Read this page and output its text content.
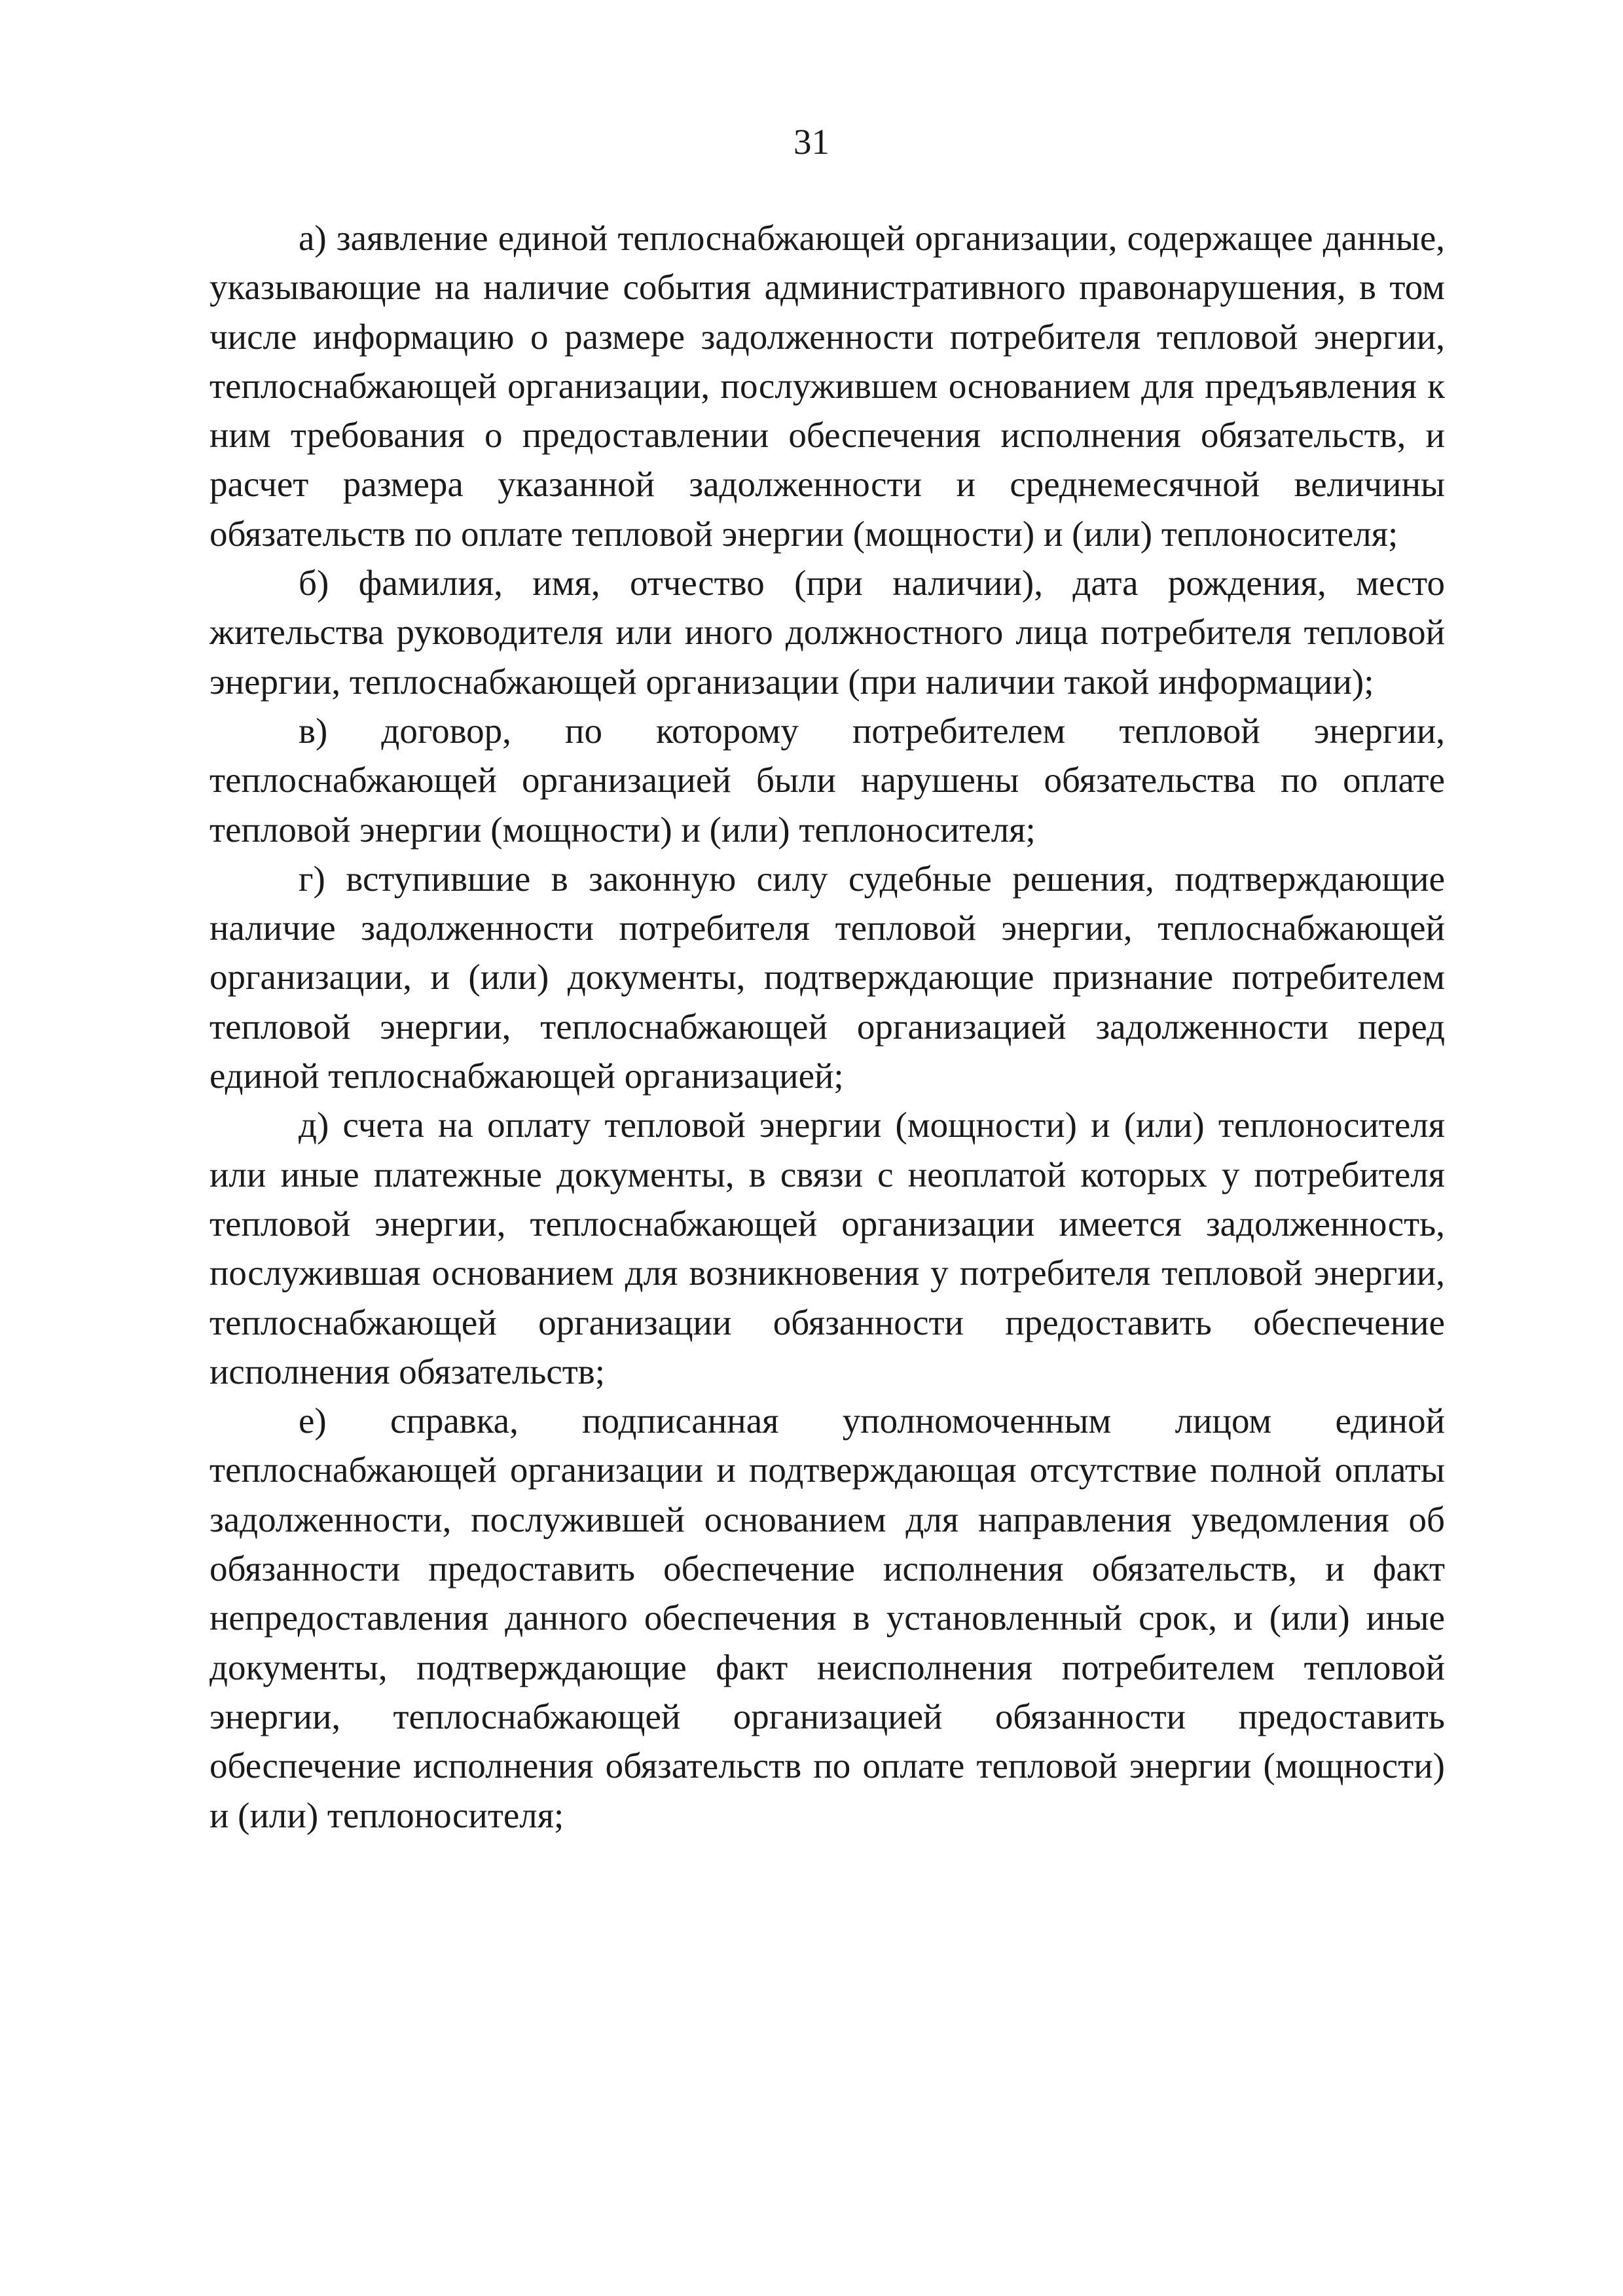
31

а) заявление единой теплоснабжающей организации, содержащее данные, указывающие на наличие события административного правонарушения, в том числе информацию о размере задолженности потребителя тепловой энергии, теплоснабжающей организации, послужившем основанием для предъявления к ним требования о предоставлении обеспечения исполнения обязательств, и расчет размера указанной задолженности и среднемесячной величины обязательств по оплате тепловой энергии (мощности) и (или) теплоносителя;

б) фамилия, имя, отчество (при наличии), дата рождения, место жительства руководителя или иного должностного лица потребителя тепловой энергии, теплоснабжающей организации (при наличии такой информации);

в) договор, по которому потребителем тепловой энергии, теплоснабжающей организацией были нарушены обязательства по оплате тепловой энергии (мощности) и (или) теплоносителя;

г) вступившие в законную силу судебные решения, подтверждающие наличие задолженности потребителя тепловой энергии, теплоснабжающей организации, и (или) документы, подтверждающие признание потребителем тепловой энергии, теплоснабжающей организацией задолженности перед единой теплоснабжающей организацией;

д) счета на оплату тепловой энергии (мощности) и (или) теплоносителя или иные платежные документы, в связи с неоплатой которых у потребителя тепловой энергии, теплоснабжающей организации имеется задолженность, послужившая основанием для возникновения у потребителя тепловой энергии, теплоснабжающей организации обязанности предоставить обеспечение исполнения обязательств;

е) справка, подписанная уполномоченным лицом единой теплоснабжающей организации и подтверждающая отсутствие полной оплаты задолженности, послужившей основанием для направления уведомления об обязанности предоставить обеспечение исполнения обязательств, и факт непредоставления данного обеспечения в установленный срок, и (или) иные документы, подтверждающие факт неисполнения потребителем тепловой энергии, теплоснабжающей организацией обязанности предоставить обеспечение исполнения обязательств по оплате тепловой энергии (мощности) и (или) теплоносителя;
